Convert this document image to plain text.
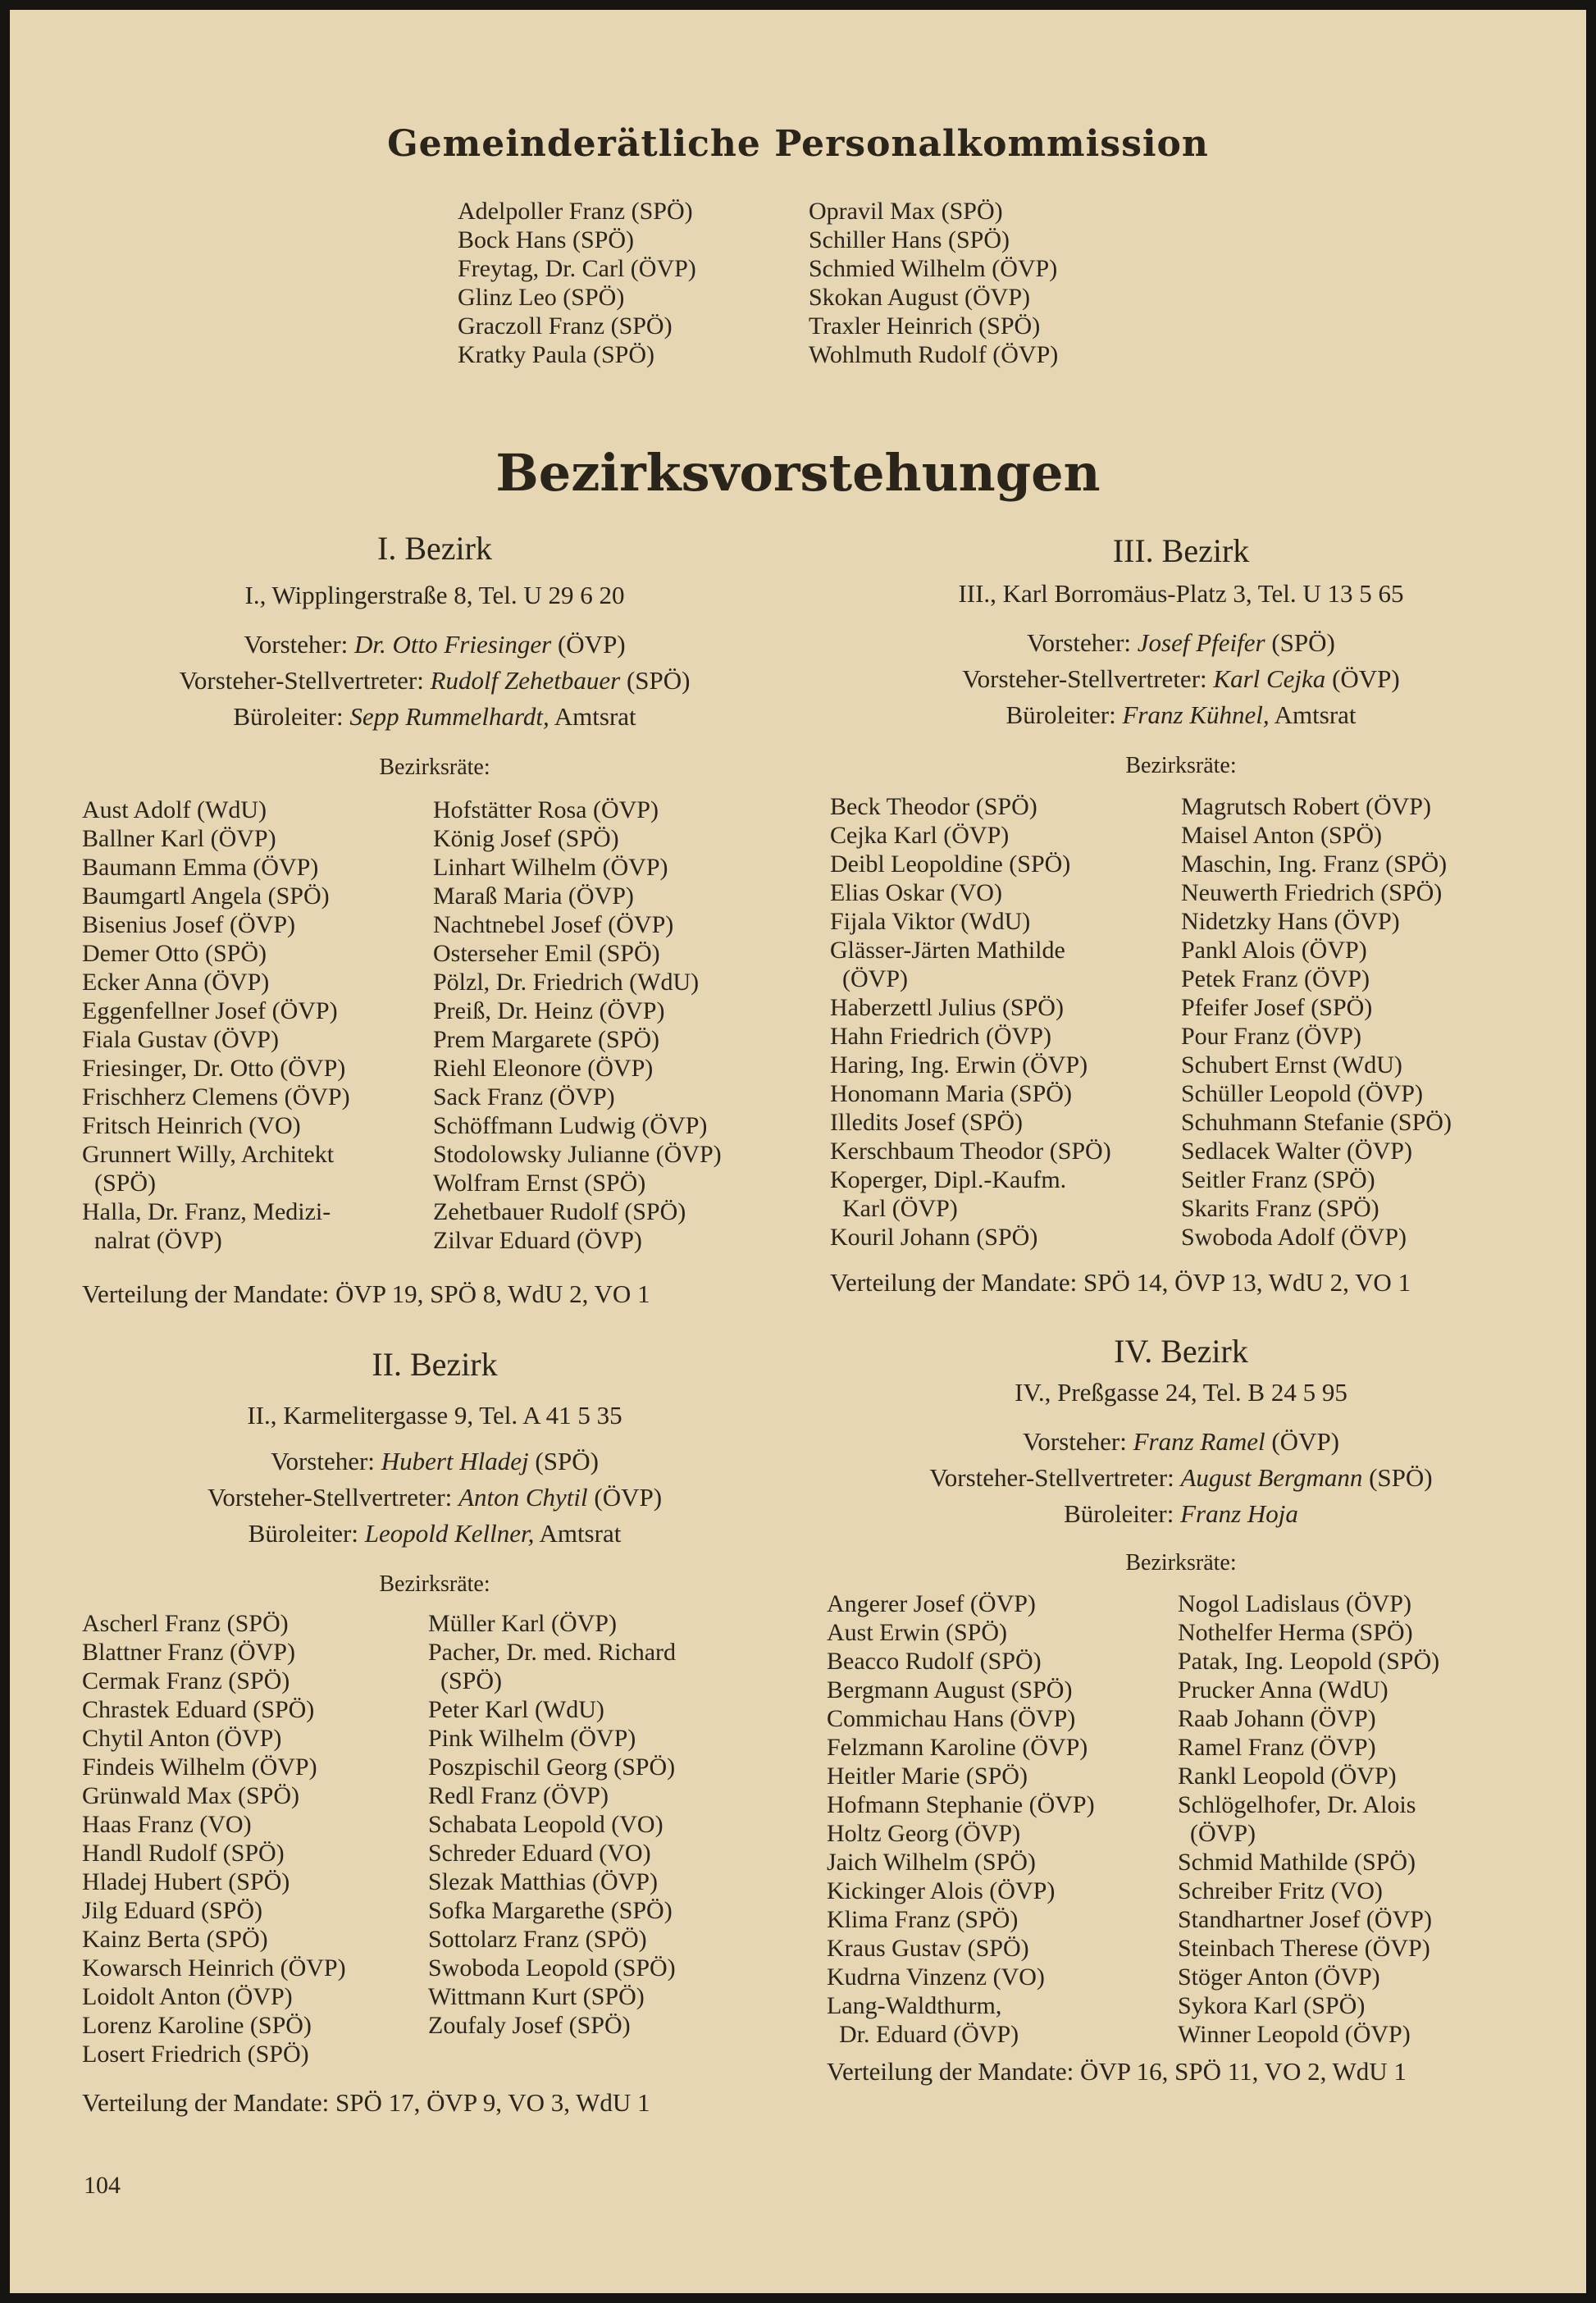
Gemeinderätliche Personalkommission
Adelpoller Franz (SPÖ)
Bock Hans (SPÖ)
Freytag, Dr. Carl (ÖVP)
Glinz Leo (SPÖ)
Graczoll Franz (SPÖ)
Kratky Paula (SPÖ)
Opravil Max (SPÖ)
Schiller Hans (SPÖ)
Schmied Wilhelm (ÖVP)
Skokan August (ÖVP)
Traxler Heinrich (SPÖ)
Wohlmuth Rudolf (ÖVP)
Bezirksvorstehungen
I. Bezirk
I., Wipplingerstraße 8, Tel. U 29 6 20
Vorsteher: Dr. Otto Friesinger (ÖVP)
Vorsteher-Stellvertreter: Rudolf Zehetbauer (SPÖ)
Büroleiter: Sepp Rummelhardt, Amtsrat
Bezirksräte:
Aust Adolf (WdU)
Ballner Karl (ÖVP)
Baumann Emma (ÖVP)
Baumgartl Angela (SPÖ)
Bisenius Josef (ÖVP)
Demer Otto (SPÖ)
Ecker Anna (ÖVP)
Eggenfellner Josef (ÖVP)
Fiala Gustav (ÖVP)
Friesinger, Dr. Otto (ÖVP)
Frischherz Clemens (ÖVP)
Fritsch Heinrich (VO)
Grunnert Willy, Architekt
(SPÖ)
Halla, Dr. Franz, Medizi-
nalrat (ÖVP)
Hofstätter Rosa (ÖVP)
König Josef (SPÖ)
Linhart Wilhelm (ÖVP)
Maraß Maria (ÖVP)
Nachtnebel Josef (ÖVP)
Osterseher Emil (SPÖ)
Pölzl, Dr. Friedrich (WdU)
Preiß, Dr. Heinz (ÖVP)
Prem Margarete (SPÖ)
Riehl Eleonore (ÖVP)
Sack Franz (ÖVP)
Schöffmann Ludwig (ÖVP)
Stodolowsky Julianne (ÖVP)
Wolfram Ernst (SPÖ)
Zehetbauer Rudolf (SPÖ)
Zilvar Eduard (ÖVP)
Verteilung der Mandate: ÖVP 19, SPÖ 8, WdU 2, VO 1
II. Bezirk
II., Karmelitergasse 9, Tel. A 41 5 35
Vorsteher: Hubert Hladej (SPÖ)
Vorsteher-Stellvertreter: Anton Chytil (ÖVP)
Büroleiter: Leopold Kellner, Amtsrat
Bezirksräte:
Ascherl Franz (SPÖ)
Blattner Franz (ÖVP)
Cermak Franz (SPÖ)
Chrastek Eduard (SPÖ)
Chytil Anton (ÖVP)
Findeis Wilhelm (ÖVP)
Grünwald Max (SPÖ)
Haas Franz (VO)
Handl Rudolf (SPÖ)
Hladej Hubert (SPÖ)
Jilg Eduard (SPÖ)
Kainz Berta (SPÖ)
Kowarsch Heinrich (ÖVP)
Loidolt Anton (ÖVP)
Lorenz Karoline (SPÖ)
Losert Friedrich (SPÖ)
Müller Karl (ÖVP)
Pacher, Dr. med. Richard
(SPÖ)
Peter Karl (WdU)
Pink Wilhelm (ÖVP)
Poszpischil Georg (SPÖ)
Redl Franz (ÖVP)
Schabata Leopold (VO)
Schreder Eduard (VO)
Slezak Matthias (ÖVP)
Sofka Margarethe (SPÖ)
Sottolarz Franz (SPÖ)
Swoboda Leopold (SPÖ)
Wittmann Kurt (SPÖ)
Zoufaly Josef (SPÖ)
Verteilung der Mandate: SPÖ 17, ÖVP 9, VO 3, WdU 1
III. Bezirk
III., Karl Borromäus-Platz 3, Tel. U 13 5 65
Vorsteher: Josef Pfeifer (SPÖ)
Vorsteher-Stellvertreter: Karl Cejka (ÖVP)
Büroleiter: Franz Kühnel, Amtsrat
Bezirksräte:
Beck Theodor (SPÖ)
Cejka Karl (ÖVP)
Deibl Leopoldine (SPÖ)
Elias Oskar (VO)
Fijala Viktor (WdU)
Glässer-Järten Mathilde
(ÖVP)
Haberzettl Julius (SPÖ)
Hahn Friedrich (ÖVP)
Haring, Ing. Erwin (ÖVP)
Honomann Maria (SPÖ)
Illedits Josef (SPÖ)
Kerschbaum Theodor (SPÖ)
Koperger, Dipl.-Kaufm.
Karl (ÖVP)
Kouril Johann (SPÖ)
Magrutsch Robert (ÖVP)
Maisel Anton (SPÖ)
Maschin, Ing. Franz (SPÖ)
Neuwerth Friedrich (SPÖ)
Nidetzky Hans (ÖVP)
Pankl Alois (ÖVP)
Petek Franz (ÖVP)
Pfeifer Josef (SPÖ)
Pour Franz (ÖVP)
Schubert Ernst (WdU)
Schüller Leopold (ÖVP)
Schuhmann Stefanie (SPÖ)
Sedlacek Walter (ÖVP)
Seitler Franz (SPÖ)
Skarits Franz (SPÖ)
Swoboda Adolf (ÖVP)
Verteilung der Mandate: SPÖ 14, ÖVP 13, WdU 2, VO 1
IV. Bezirk
IV., Preßgasse 24, Tel. B 24 5 95
Vorsteher: Franz Ramel (ÖVP)
Vorsteher-Stellvertreter: August Bergmann (SPÖ)
Büroleiter: Franz Hoja
Bezirksräte:
Angerer Josef (ÖVP)
Aust Erwin (SPÖ)
Beacco Rudolf (SPÖ)
Bergmann August (SPÖ)
Commichau Hans (ÖVP)
Felzmann Karoline (ÖVP)
Heitler Marie (SPÖ)
Hofmann Stephanie (ÖVP)
Holtz Georg (ÖVP)
Jaich Wilhelm (SPÖ)
Kickinger Alois (ÖVP)
Klima Franz (SPÖ)
Kraus Gustav (SPÖ)
Kudrna Vinzenz (VO)
Lang-Waldthurm,
Dr. Eduard (ÖVP)
Nogol Ladislaus (ÖVP)
Nothelfer Herma (SPÖ)
Patak, Ing. Leopold (SPÖ)
Prucker Anna (WdU)
Raab Johann (ÖVP)
Ramel Franz (ÖVP)
Rankl Leopold (ÖVP)
Schlögelhofer, Dr. Alois
(ÖVP)
Schmid Mathilde (SPÖ)
Schreiber Fritz (VO)
Standhartner Josef (ÖVP)
Steinbach Therese (ÖVP)
Stöger Anton (ÖVP)
Sykora Karl (SPÖ)
Winner Leopold (ÖVP)
Verteilung der Mandate: ÖVP 16, SPÖ 11, VO 2, WdU 1
104
